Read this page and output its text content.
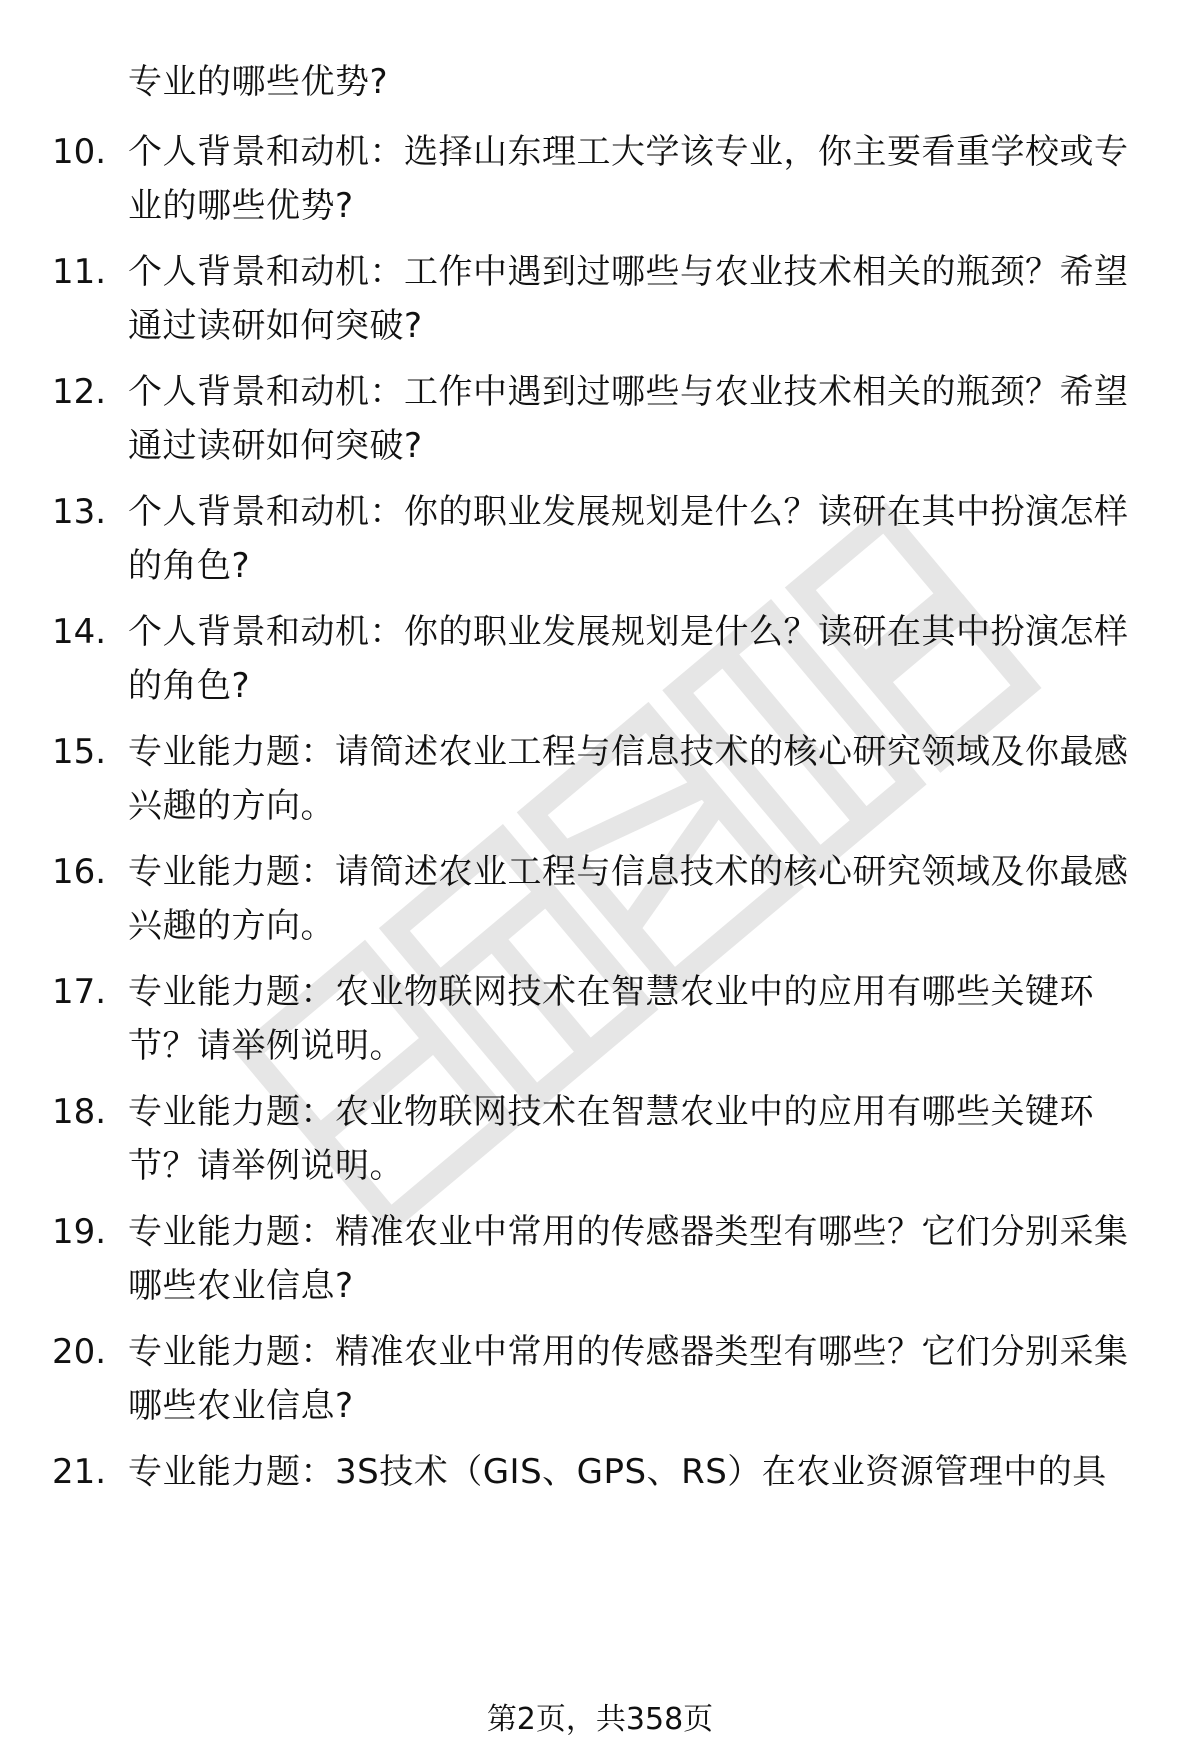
专业的哪些优势?
10. 个人背景和动机：选择山东理工大学该专业，你主要看重学校或专业的哪些优势?
11. 个人背景和动机：工作中遇到过哪些与农业技术相关的瓶颈？希望通过读研如何突破?
12. 个人背景和动机：工作中遇到过哪些与农业技术相关的瓶颈？希望通过读研如何突破?
13. 个人背景和动机：你的职业发展规划是什么？读研在其中扮演怎样的角色?
14. 个人背景和动机：你的职业发展规划是什么？读研在其中扮演怎样的角色?
15. 专业能力题：请简述农业工程与信息技术的核心研究领域及你最感兴趣的方向。
16. 专业能力题：请简述农业工程与信息技术的核心研究领域及你最感兴趣的方向。
17. 专业能力题：农业物联网技术在智慧农业中的应用有哪些关键环节？请举例说明。
18. 专业能力题：农业物联网技术在智慧农业中的应用有哪些关键环节？请举例说明。
19. 专业能力题：精准农业中常用的传感器类型有哪些？它们分别采集哪些农业信息?
20. 专业能力题：精准农业中常用的传感器类型有哪些？它们分别采集哪些农业信息?
21. 专业能力题：3S技术（GIS、GPS、RS）在农业资源管理中的具
第2页，共358页
